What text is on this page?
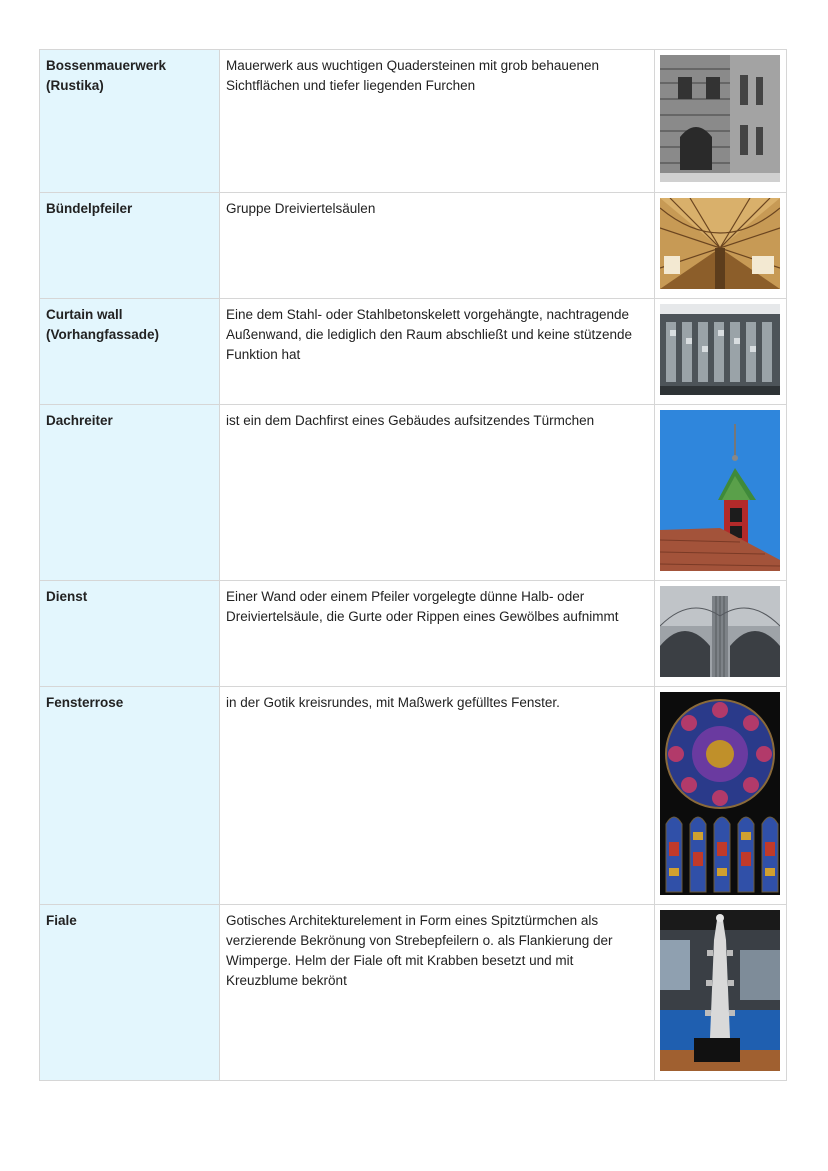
Bossenmauerwerk
(Rustika)	Mauerwerk aus wuchtigen Quadersteinen mit grob behauenen Sichtflächen und tiefer liegenden Furchen

Bündelpfeiler	Gruppe Dreiviertelsäulen

Curtain wall
(Vorhangfassade)	Eine dem Stahl- oder Stahlbetonskelett vorgehängte, nachtragende Außenwand, die lediglich den Raum abschließt und keine stützende Funktion hat

Dachreiter	ist ein dem Dachfirst eines Gebäudes aufsitzendes Türmchen

Dienst	Einer Wand oder einem Pfeiler vorgelegte dünne Halb- oder Dreiviertelsäule, die Gurte oder Rippen eines Gewölbes aufnimmt

Fensterrose	in der Gotik kreisrundes, mit Maßwerk gefülltes Fenster.

Fiale	Gotisches Architekturelement in Form eines Spitztürmchen als verzierende Bekrönung von Strebepfeilern o. als Flankierung der Wimperge. Helm der Fiale oft mit Krabben besetzt und mit Kreuzblume bekrönt
